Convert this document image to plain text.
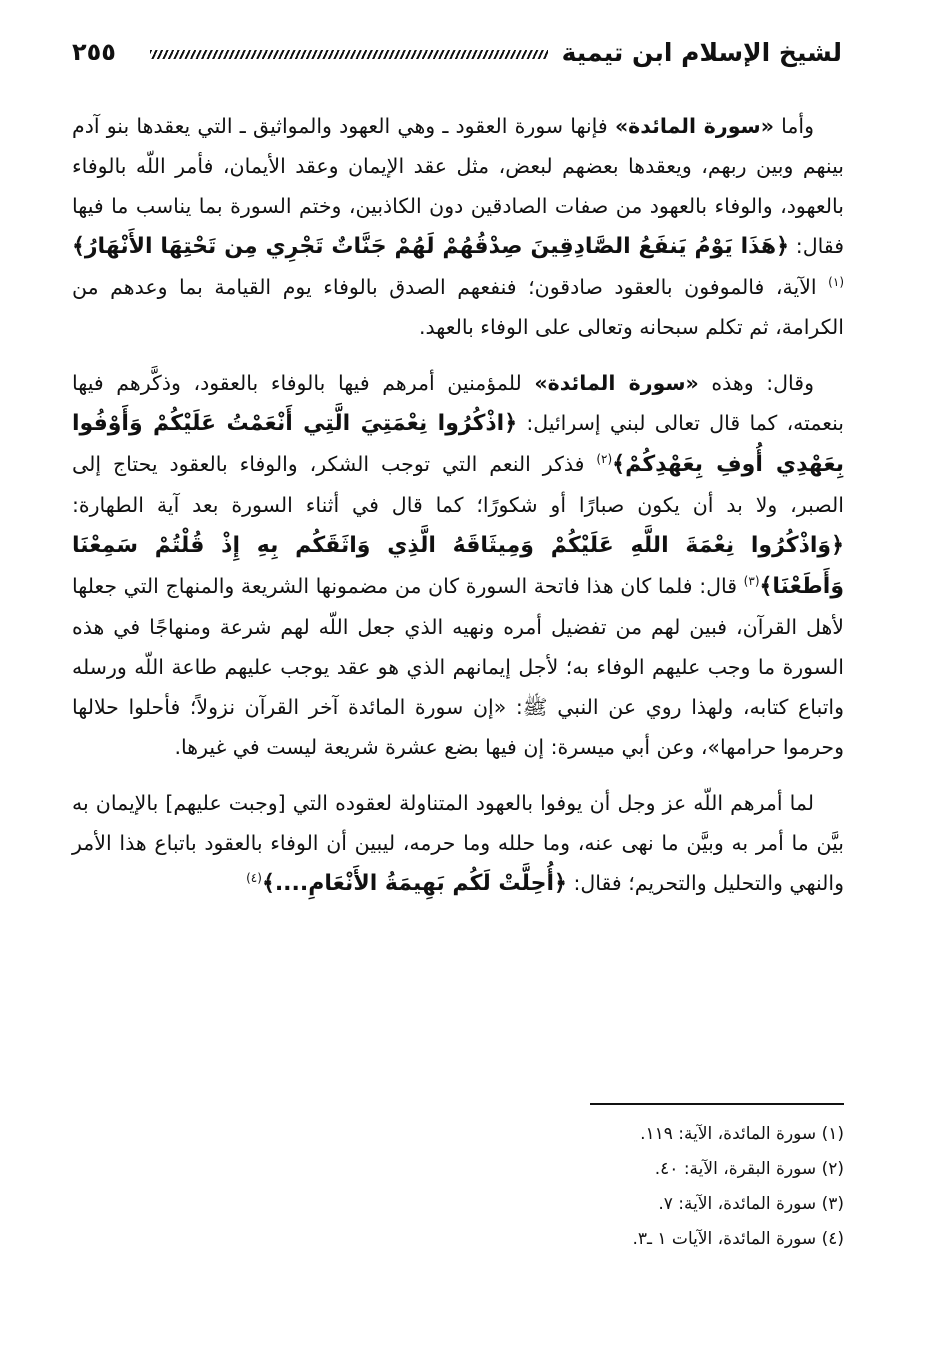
٢٥٥	لشيخ الإسلام ابن تيمية

وأما «سورة المائدة» فإنها سورة العقود ـ وهي العهود والمواثيق ـ التي يعقدها بنو آدم بينهم وبين ربهم، ويعقدها بعضهم لبعض، مثل عقد الإيمان وعقد الأيمان، فأمر اللّه بالوفاء بالعهود، والوفاء بالعهود من صفات الصادقين دون الكاذبين، وختم السورة بما يناسب ما فيها فقال: ﴿هَذَا يَوْمُ يَنفَعُ الصَّادِقِينَ صِدْقُهُمْ لَهُمْ جَنَّاتٌ تَجْرِي مِن تَحْتِهَا الأَنْهَارُ﴾$^{(١)}$ الآية، فالموفون بالعقود صادقون؛ فنفعهم الصدق بالوفاء يوم القيامة بما وعدهم من الكرامة، ثم تكلم سبحانه وتعالى على الوفاء بالعهد.

وقال: وهذه «سورة المائدة» للمؤمنين أمرهم فيها بالوفاء بالعقود، وذكَّرهم فيها بنعمته، كما قال تعالى لبني إسرائيل: ﴿اذْكُرُوا نِعْمَتِيَ الَّتِي أَنْعَمْتُ عَلَيْكُمْ وَأَوْفُوا بِعَهْدِي أُوفِ بِعَهْدِكُمْ﴾$^{(٢)}$ فذكر النعم التي توجب الشكر، والوفاء بالعقود يحتاج إلى الصبر، ولا بد أن يكون صبارًا أو شكورًا؛ كما قال في أثناء السورة بعد آية الطهارة: ﴿وَاذْكُرُوا نِعْمَةَ اللَّهِ عَلَيْكُمْ وَمِيثَاقَهُ الَّذِي وَاثَقَكُم بِهِ إِذْ قُلْتُمْ سَمِعْنَا وَأَطَعْنَا﴾$^{(٣)}$ قال: فلما كان هذا فاتحة السورة كان من مضمونها الشريعة والمنهاج التي جعلها لأهل القرآن، فبين لهم من تفضيل أمره ونهيه الذي جعل اللّه لهم شرعة ومنهاجًا في هذه السورة ما وجب عليهم الوفاء به؛ لأجل إيمانهم الذي هو عقد يوجب عليهم طاعة اللّه ورسله واتباع كتابه، ولهذا روي عن النبي ﷺ: «إن سورة المائدة آخر القرآن نزولاً؛ فأحلوا حلالها وحرموا حرامها»، وعن أبي ميسرة: إن فيها بضع عشرة شريعة ليست في غيرها.

لما أمرهم اللّه عز وجل أن يوفوا بالعهود المتناولة لعقوده التي [وجبت عليهم] بالإيمان به بيَّن ما أمر به وبيَّن ما نهى عنه، وما حلله وما حرمه، ليبين أن الوفاء بالعقود باتباع هذا الأمر والنهي والتحليل والتحريم؛ فقال: ﴿أُحِلَّتْ لَكُم بَهِيمَةُ الأَنْعَامِ....﴾$^{(٤)}$

(١) سورة المائدة، الآية: ١١٩.
(٢) سورة البقرة، الآية: ٤٠.
(٣) سورة المائدة، الآية: ٧.
(٤) سورة المائدة، الآيات ١ ـ٣.
